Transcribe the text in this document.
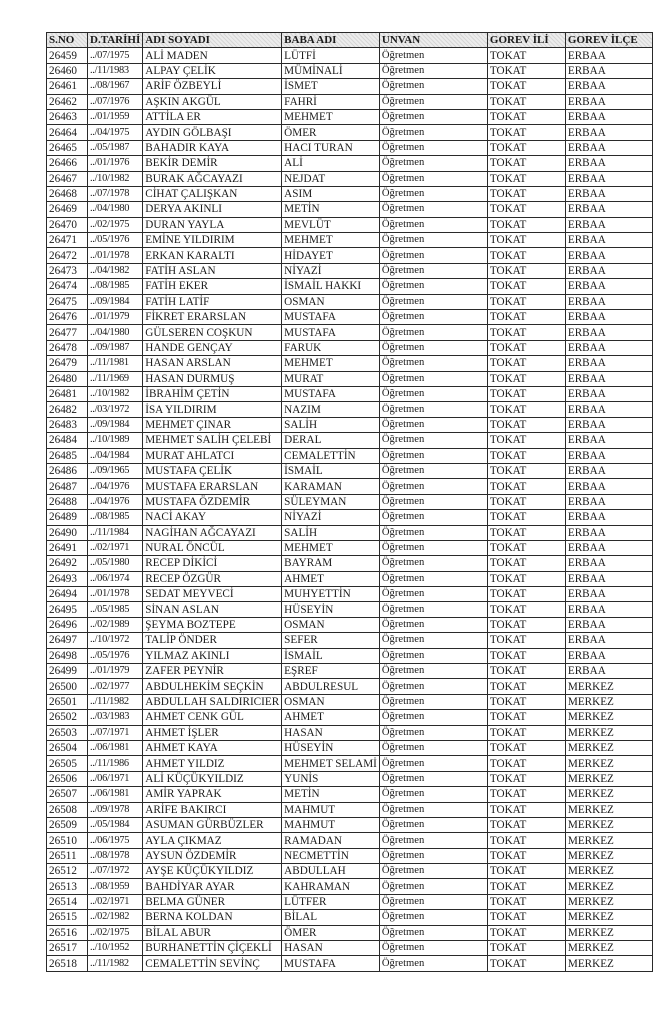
S.NO	D.TARİHİ	ADI SOYADI	BABA ADI	UNVAN	GOREV İLİ	GOREV İLÇE
26459	../07/1975	ALİ MADEN	LÜTFİ	Öğretmen	TOKAT	ERBAA
26460	../11/1983	ALPAY ÇELİK	MÜMİNALİ	Öğretmen	TOKAT	ERBAA
26461	../08/1967	ARİF ÖZBEYLİ	İSMET	Öğretmen	TOKAT	ERBAA
26462	../07/1976	AŞKIN AKGÜL	FAHRİ	Öğretmen	TOKAT	ERBAA
26463	../01/1959	ATTİLA ER	MEHMET	Öğretmen	TOKAT	ERBAA
26464	../04/1975	AYDIN GÖLBAŞI	ÖMER	Öğretmen	TOKAT	ERBAA
26465	../05/1987	BAHADIR KAYA	HACI TURAN	Öğretmen	TOKAT	ERBAA
26466	../01/1976	BEKİR DEMİR	ALİ	Öğretmen	TOKAT	ERBAA
26467	../10/1982	BURAK AĞCAYAZI	NEJDAT	Öğretmen	TOKAT	ERBAA
26468	../07/1978	CİHAT ÇALIŞKAN	ASIM	Öğretmen	TOKAT	ERBAA
26469	../04/1980	DERYA AKINLI	METİN	Öğretmen	TOKAT	ERBAA
26470	../02/1975	DURAN YAYLA	MEVLÜT	Öğretmen	TOKAT	ERBAA
26471	../05/1976	EMİNE YILDIRIM	MEHMET	Öğretmen	TOKAT	ERBAA
26472	../01/1978	ERKAN KARALTI	HİDAYET	Öğretmen	TOKAT	ERBAA
26473	../04/1982	FATİH ASLAN	NİYAZİ	Öğretmen	TOKAT	ERBAA
26474	../08/1985	FATİH EKER	İSMAİL HAKKI	Öğretmen	TOKAT	ERBAA
26475	../09/1984	FATİH LATİF	OSMAN	Öğretmen	TOKAT	ERBAA
26476	../01/1979	FİKRET ERARSLAN	MUSTAFA	Öğretmen	TOKAT	ERBAA
26477	../04/1980	GÜLSEREN COŞKUN	MUSTAFA	Öğretmen	TOKAT	ERBAA
26478	../09/1987	HANDE GENÇAY	FARUK	Öğretmen	TOKAT	ERBAA
26479	../11/1981	HASAN ARSLAN	MEHMET	Öğretmen	TOKAT	ERBAA
26480	../11/1969	HASAN DURMUŞ	MURAT	Öğretmen	TOKAT	ERBAA
26481	../10/1982	İBRAHİM ÇETİN	MUSTAFA	Öğretmen	TOKAT	ERBAA
26482	../03/1972	İSA YILDIRIM	NAZIM	Öğretmen	TOKAT	ERBAA
26483	../09/1984	MEHMET ÇINAR	SALİH	Öğretmen	TOKAT	ERBAA
26484	../10/1989	MEHMET SALİH ÇELEBİ	DERAL	Öğretmen	TOKAT	ERBAA
26485	../04/1984	MURAT AHLATCI	CEMALETTİN	Öğretmen	TOKAT	ERBAA
26486	../09/1965	MUSTAFA ÇELİK	İSMAİL	Öğretmen	TOKAT	ERBAA
26487	../04/1976	MUSTAFA ERARSLAN	KARAMAN	Öğretmen	TOKAT	ERBAA
26488	../04/1976	MUSTAFA ÖZDEMİR	SÜLEYMAN	Öğretmen	TOKAT	ERBAA
26489	../08/1985	NACİ AKAY	NİYAZİ	Öğretmen	TOKAT	ERBAA
26490	../11/1984	NAGİHAN AĞCAYAZI	SALİH	Öğretmen	TOKAT	ERBAA
26491	../02/1971	NURAL ÖNCÜL	MEHMET	Öğretmen	TOKAT	ERBAA
26492	../05/1980	RECEP DİKİCİ	BAYRAM	Öğretmen	TOKAT	ERBAA
26493	../06/1974	RECEP ÖZGÜR	AHMET	Öğretmen	TOKAT	ERBAA
26494	../01/1978	SEDAT MEYVECİ	MUHYETTİN	Öğretmen	TOKAT	ERBAA
26495	../05/1985	SİNAN ASLAN	HÜSEYİN	Öğretmen	TOKAT	ERBAA
26496	../02/1989	ŞEYMA BOZTEPE	OSMAN	Öğretmen	TOKAT	ERBAA
26497	../10/1972	TALİP ÖNDER	SEFER	Öğretmen	TOKAT	ERBAA
26498	../05/1976	YILMAZ AKINLI	İSMAİL	Öğretmen	TOKAT	ERBAA
26499	../01/1979	ZAFER PEYNİR	EŞREF	Öğretmen	TOKAT	ERBAA
26500	../02/1977	ABDULHEKİM SEÇKİN	ABDULRESUL	Öğretmen	TOKAT	MERKEZ
26501	../11/1982	ABDULLAH SALDIRICIER	OSMAN	Öğretmen	TOKAT	MERKEZ
26502	../03/1983	AHMET CENK GÜL	AHMET	Öğretmen	TOKAT	MERKEZ
26503	../07/1971	AHMET İŞLER	HASAN	Öğretmen	TOKAT	MERKEZ
26504	../06/1981	AHMET KAYA	HÜSEYİN	Öğretmen	TOKAT	MERKEZ
26505	../11/1986	AHMET YILDIZ	MEHMET SELAMİ	Öğretmen	TOKAT	MERKEZ
26506	../06/1971	ALİ KÜÇÜKYILDIZ	YUNİS	Öğretmen	TOKAT	MERKEZ
26507	../06/1981	AMİR YAPRAK	METİN	Öğretmen	TOKAT	MERKEZ
26508	../09/1978	ARİFE BAKIRCI	MAHMUT	Öğretmen	TOKAT	MERKEZ
26509	../05/1984	ASUMAN GÜRBÜZLER	MAHMUT	Öğretmen	TOKAT	MERKEZ
26510	../06/1975	AYLA ÇIKMAZ	RAMADAN	Öğretmen	TOKAT	MERKEZ
26511	../08/1978	AYSUN ÖZDEMİR	NECMETTİN	Öğretmen	TOKAT	MERKEZ
26512	../07/1972	AYŞE KÜÇÜKYILDIZ	ABDULLAH	Öğretmen	TOKAT	MERKEZ
26513	../08/1959	BAHDİYAR AYAR	KAHRAMAN	Öğretmen	TOKAT	MERKEZ
26514	../02/1971	BELMA GÜNER	LÜTFER	Öğretmen	TOKAT	MERKEZ
26515	../02/1982	BERNA KOLDAN	BİLAL	Öğretmen	TOKAT	MERKEZ
26516	../02/1975	BİLAL ABUR	ÖMER	Öğretmen	TOKAT	MERKEZ
26517	../10/1952	BURHANETTİN ÇİÇEKLİ	HASAN	Öğretmen	TOKAT	MERKEZ
26518	../11/1982	CEMALETTİN SEVİNÇ	MUSTAFA	Öğretmen	TOKAT	MERKEZ
